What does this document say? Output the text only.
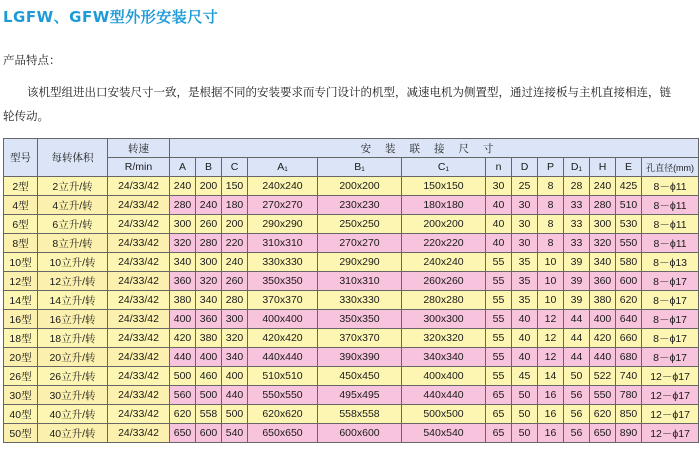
LGFW、GFW型外形安装尺寸
产品特点：
该机型组进出口安装尺寸一致，是根据不同的安装要求而专门设计的机型，减速电机为侧置型，通过连接板与主机直接相连，链轮传动。
型号	每转体积	转速	安装联接尺寸												
		R/min	A	B	C	A₁	B₁	C₁	n	D	P	D₁	H	E	孔直径(mm)
2型	2立升/转	24/33/42	240	200	150	240x240	200x200	150x150	30	25	8	28	240	425	8－ϕ11
4型	4立升/转	24/33/42	280	240	180	270x270	230x230	180x180	40	30	8	33	280	510	8－ϕ11
6型	6立升/转	24/33/42	300	260	200	290x290	250x250	200x200	40	30	8	33	300	530	8－ϕ11
8型	8立升/转	24/33/42	320	280	220	310x310	270x270	220x220	40	30	8	33	320	550	8－ϕ11
10型	10立升/转	24/33/42	340	300	240	330x330	290x290	240x240	55	35	10	39	340	580	8－ϕ13
12型	12立升/转	24/33/42	360	320	260	350x350	310x310	260x260	55	35	10	39	360	600	8－ϕ17
14型	14立升/转	24/33/42	380	340	280	370x370	330x330	280x280	55	35	10	39	380	620	8－ϕ17
16型	16立升/转	24/33/42	400	360	300	400x400	350x350	300x300	55	40	12	44	400	640	8－ϕ17
18型	18立升/转	24/33/42	420	380	320	420x420	370x370	320x320	55	40	12	44	420	660	8－ϕ17
20型	20立升/转	24/33/42	440	400	340	440x440	390x390	340x340	55	40	12	44	440	680	8－ϕ17
26型	26立升/转	24/33/42	500	460	400	510x510	450x450	400x400	55	45	14	50	522	740	12－ϕ17
30型	30立升/转	24/33/42	560	500	440	550x550	495x495	440x440	65	50	16	56	550	780	12－ϕ17
40型	40立升/转	24/33/42	620	558	500	620x620	558x558	500x500	65	50	16	56	620	850	12－ϕ17
50型	40立升/转	24/33/42	650	600	540	650x650	600x600	540x540	65	50	16	56	650	890	12－ϕ17
